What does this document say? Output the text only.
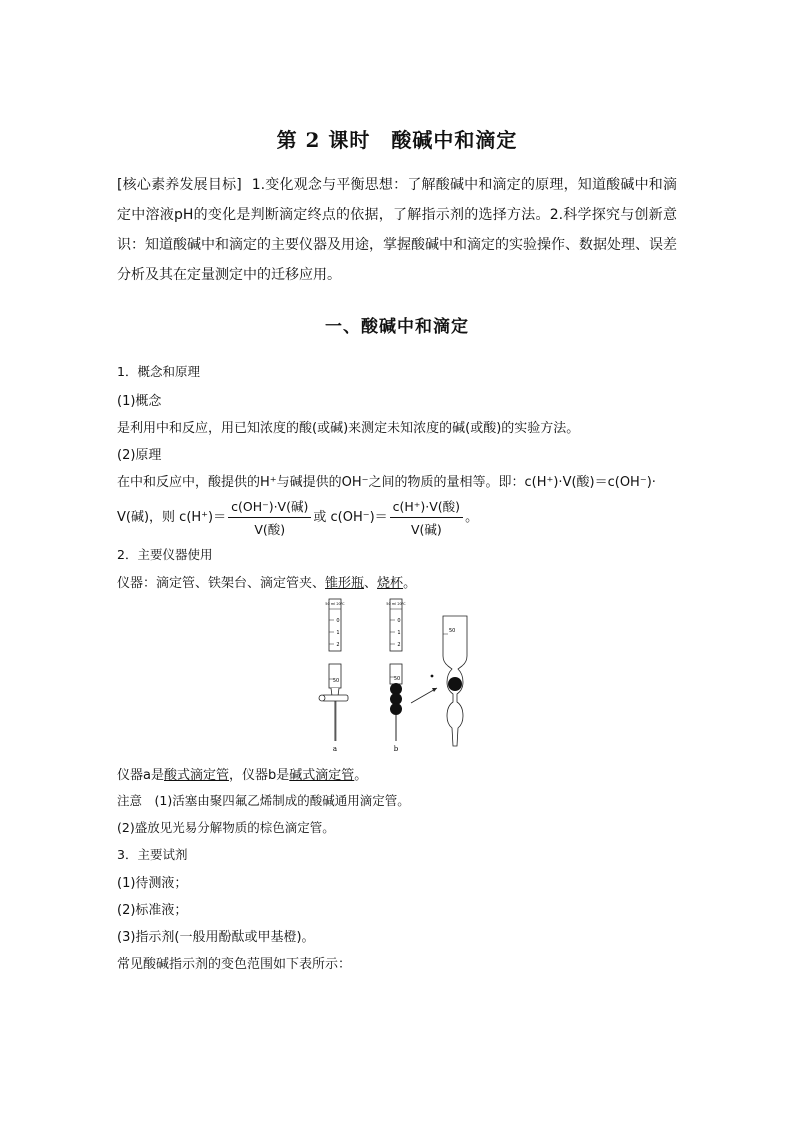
第 2 课时　酸碱中和滴定
[核心素养发展目标] 1.变化观念与平衡思想：了解酸碱中和滴定的原理，知道酸碱中和滴定中溶液pH的变化是判断滴定终点的依据，了解指示剂的选择方法。2.科学探究与创新意识：知道酸碱中和滴定的主要仪器及用途，掌握酸碱中和滴定的实验操作、数据处理、误差分析及其在定量测定中的迁移应用。
一、酸碱中和滴定
1．概念和原理
(1)概念
是利用中和反应，用已知浓度的酸(或碱)来测定未知浓度的碱(或酸)的实验方法。
(2)原理
在中和反应中，酸提供的H⁺与碱提供的OH⁻之间的物质的量相等。即：c(H⁺)·V(酸)＝c(OH⁻)·
V(碱)，则 $c(H^+)= \frac{\text{c(OH⁻)·V(碱)}}{\text{V(酸)}}$ 或 $c(OH^-)= \frac{\text{c(H⁺)·V(酸)}}{\text{V(碱)}}$ 。
2．主要仪器使用
仪器：滴定管、铁架台、滴定管夹、锥形瓶、烧杯。
50 ml 20℃
0
1
2
50
a
50 ml 20℃
0
1
2
50
b
50
仪器a是酸式滴定管，仪器b是碱式滴定管。
注意　(1)活塞由聚四氟乙烯制成的酸碱通用滴定管。
(2)盛放见光易分解物质的棕色滴定管。
3．主要试剂
(1)待测液；
(2)标准液；
(3)指示剂(一般用酚酞或甲基橙)。
常见酸碱指示剂的变色范围如下表所示：
